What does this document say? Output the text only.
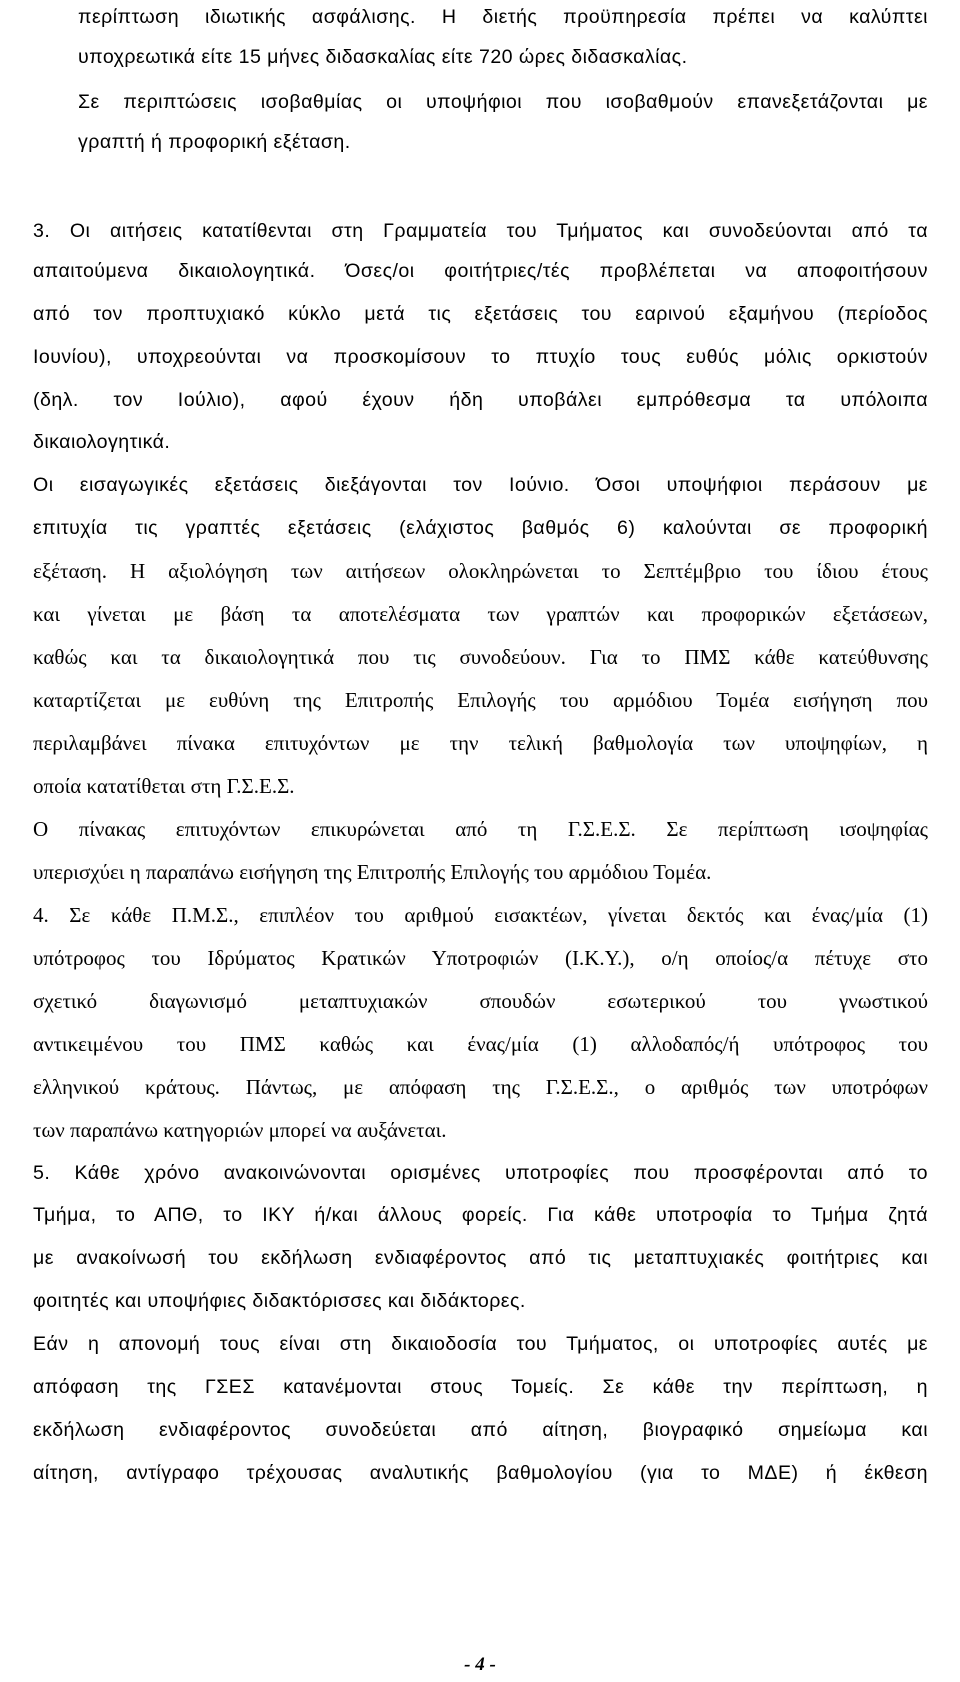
περίπτωση ιδιωτικής ασφάλισης. Η διετής προϋπηρεσία πρέπει να καλύπτει
υποχρεωτικά είτε 15 μήνες διδασκαλίας είτε 720 ώρες διδασκαλίας.
Σε περιπτώσεις ισοβαθμίας οι υποψήφιοι που ισοβαθμούν επανεξετάζονται με
γραπτή ή προφορική εξέταση.
3. Οι αιτήσεις κατατίθενται στη Γραμματεία του Τμήματος και συνοδεύονται από τα
απαιτούμενα δικαιολογητικά. Όσες/οι φοιτήτριες/τές προβλέπεται να αποφοιτήσουν
από τον προπτυχιακό κύκλο μετά τις εξετάσεις του εαρινού εξαμήνου (περίοδος
Ιουνίου), υποχρεούνται να προσκομίσουν το πτυχίο τους ευθύς μόλις ορκιστούν
(δηλ. τον Ιούλιο), αφού έχουν ήδη υποβάλει εμπρόθεσμα τα υπόλοιπα
δικαιολογητικά.
Οι εισαγωγικές εξετάσεις διεξάγονται τον Ιούνιο. Όσοι υποψήφιοι περάσουν με
επιτυχία τις γραπτές εξετάσεις (ελάχιστος βαθμός 6) καλούνται σε προφορική
εξέταση. Η αξιολόγηση των αιτήσεων ολοκληρώνεται το Σεπτέμβριο του ίδιου έτους
και γίνεται με βάση τα αποτελέσματα των γραπτών και προφορικών εξετάσεων,
καθώς και τα δικαιολογητικά που τις συνοδεύουν. Για το ΠΜΣ κάθε κατεύθυνσης
καταρτίζεται με ευθύνη της Επιτροπής Επιλογής του αρμόδιου Τομέα εισήγηση που
περιλαμβάνει πίνακα επιτυχόντων με την τελική βαθμολογία των υποψηφίων, η
οποία κατατίθεται στη Γ.Σ.Ε.Σ.
Ο πίνακας επιτυχόντων επικυρώνεται από τη Γ.Σ.Ε.Σ. Σε περίπτωση ισοψηφίας
υπερισχύει η παραπάνω εισήγηση της Επιτροπής Επιλογής του αρμόδιου Τομέα.
4. Σε κάθε Π.Μ.Σ., επιπλέον του αριθμού εισακτέων, γίνεται δεκτός και ένας/μία (1)
υπότροφος του Ιδρύματος Κρατικών Υποτροφιών (Ι.Κ.Υ.), ο/η οποίος/α πέτυχε στο
σχετικό διαγωνισμό μεταπτυχιακών σπουδών εσωτερικού του γνωστικού
αντικειμένου του ΠΜΣ καθώς και ένας/μία (1) αλλοδαπός/ή υπότροφος του
ελληνικού κράτους. Πάντως, με απόφαση της Γ.Σ.Ε.Σ., ο αριθμός των υποτρόφων
των παραπάνω κατηγοριών μπορεί να αυξάνεται.
5. Κάθε χρόνο ανακοινώνονται ορισμένες υποτροφίες που προσφέρονται από το
Τμήμα, το ΑΠΘ, το ΙΚΥ ή/και άλλους φορείς. Για κάθε υποτροφία το Τμήμα ζητά
με ανακοίνωσή του εκδήλωση ενδιαφέροντος από τις μεταπτυχιακές φοιτήτριες και
φοιτητές και υποψήφιες διδακτόρισσες και διδάκτορες.
Εάν η απονομή τους είναι στη δικαιοδοσία του Τμήματος, οι υποτροφίες αυτές με
απόφαση της ΓΣΕΣ κατανέμονται στους Τομείς. Σε κάθε την περίπτωση, η
εκδήλωση ενδιαφέροντος συνοδεύεται από αίτηση, βιογραφικό σημείωμα και
αίτηση, αντίγραφο τρέχουσας αναλυτικής βαθμολογίου (για το ΜΔΕ) ή έκθεση
- 4 -
